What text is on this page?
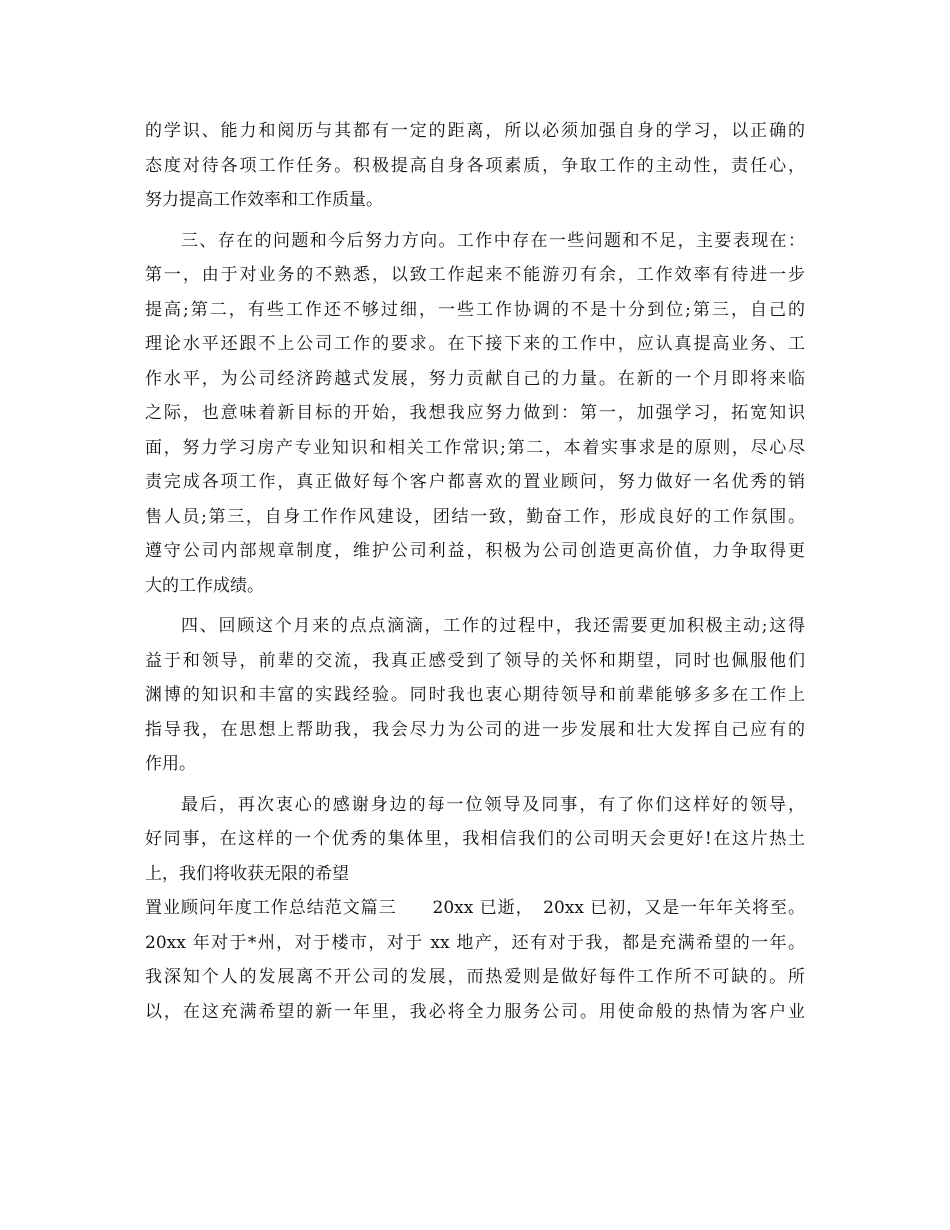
的学识、能力和阅历与其都有一定的距离，所以必须加强自身的学习，以正确的
态度对待各项工作任务。积极提高自身各项素质，争取工作的主动性，责任心，
努力提高工作效率和工作质量。
三、存在的问题和今后努力方向。工作中存在一些问题和不足，主要表现在：
第一，由于对业务的不熟悉，以致工作起来不能游刃有余，工作效率有待进一步
提高;第二，有些工作还不够过细，一些工作协调的不是十分到位;第三，自己的
理论水平还跟不上公司工作的要求。在下接下来的工作中，应认真提高业务、工
作水平，为公司经济跨越式发展，努力贡献自己的力量。在新的一个月即将来临
之际，也意味着新目标的开始，我想我应努力做到：第一，加强学习，拓宽知识
面，努力学习房产专业知识和相关工作常识;第二，本着实事求是的原则，尽心尽
责完成各项工作，真正做好每个客户都喜欢的置业顾问，努力做好一名优秀的销
售人员;第三，自身工作作风建设，团结一致，勤奋工作，形成良好的工作氛围。
遵守公司内部规章制度，维护公司利益，积极为公司创造更高价值，力争取得更
大的工作成绩。
四、回顾这个月来的点点滴滴，工作的过程中，我还需要更加积极主动;这得
益于和领导，前辈的交流，我真正感受到了领导的关怀和期望，同时也佩服他们
渊博的知识和丰富的实践经验。同时我也衷心期待领导和前辈能够多多在工作上
指导我，在思想上帮助我，我会尽力为公司的进一步发展和壮大发挥自己应有的
作用。
最后，再次衷心的感谢身边的每一位领导及同事，有了你们这样好的领导，
好同事，在这样的一个优秀的集体里，我相信我们的公司明天会更好!在这片热土
上，我们将收获无限的希望
置业顾问年度工作总结范文篇三　　20xx 已逝，　20xx 已初，又是一年年关将至。
20xx 年对于*州，对于楼市，对于 xx 地产，还有对于我，都是充满希望的一年。
我深知个人的发展离不开公司的发展，而热爱则是做好每件工作所不可缺的。所
以，在这充满希望的新一年里，我必将全力服务公司。用使命般的热情为客户业
